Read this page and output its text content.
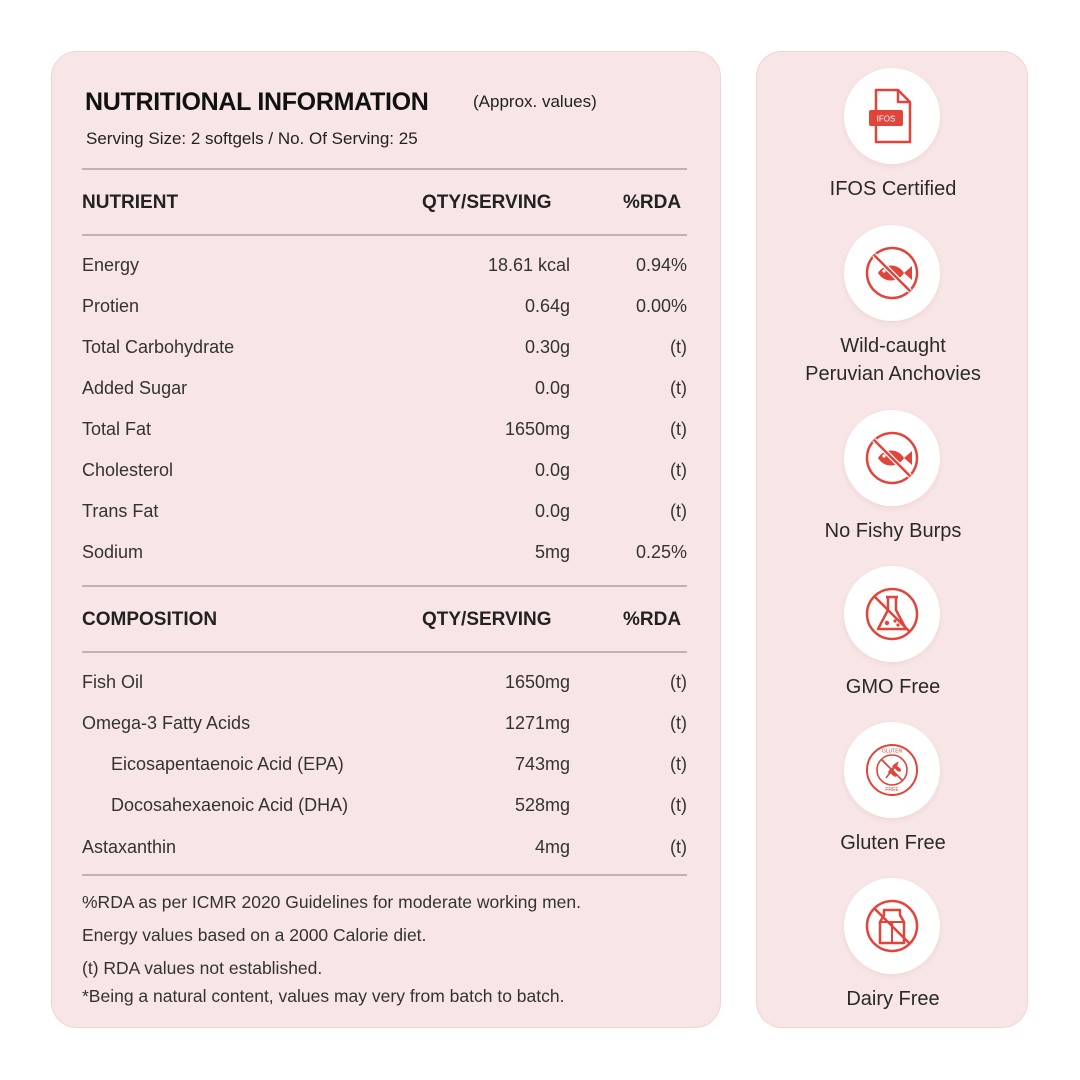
NUTRITIONAL INFORMATION	(Approx. values)
Serving Size: 2 softgels / No. Of Serving: 25
NUTRIENT	QTY/SERVING	%RDA
Energy	18.61 kcal	0.94%
Protien	0.64g	0.00%
Total Carbohydrate	0.30g	(t)
Added Sugar	0.0g	(t)
Total Fat	1650mg	(t)
Cholesterol	0.0g	(t)
Trans Fat	0.0g	(t)
Sodium	5mg	0.25%
COMPOSITION	QTY/SERVING	%RDA
Fish Oil	1650mg	(t)
Omega-3 Fatty Acids	1271mg	(t)
Eicosapentaenoic Acid (EPA)	743mg	(t)
Docosahexaenoic Acid (DHA)	528mg	(t)
Astaxanthin	4mg	(t)
%RDA as per ICMR 2020 Guidelines for moderate working men.
Energy values based on a 2000 Calorie diet.
(t) RDA values not established.
*Being a natural content, values may very from batch to batch.
IFOS
IFOS Certified
Wild-caught
Peruvian Anchovies
No Fishy Burps
GMO Free
GLUTEN
FREE
Gluten Free
Dairy Free
